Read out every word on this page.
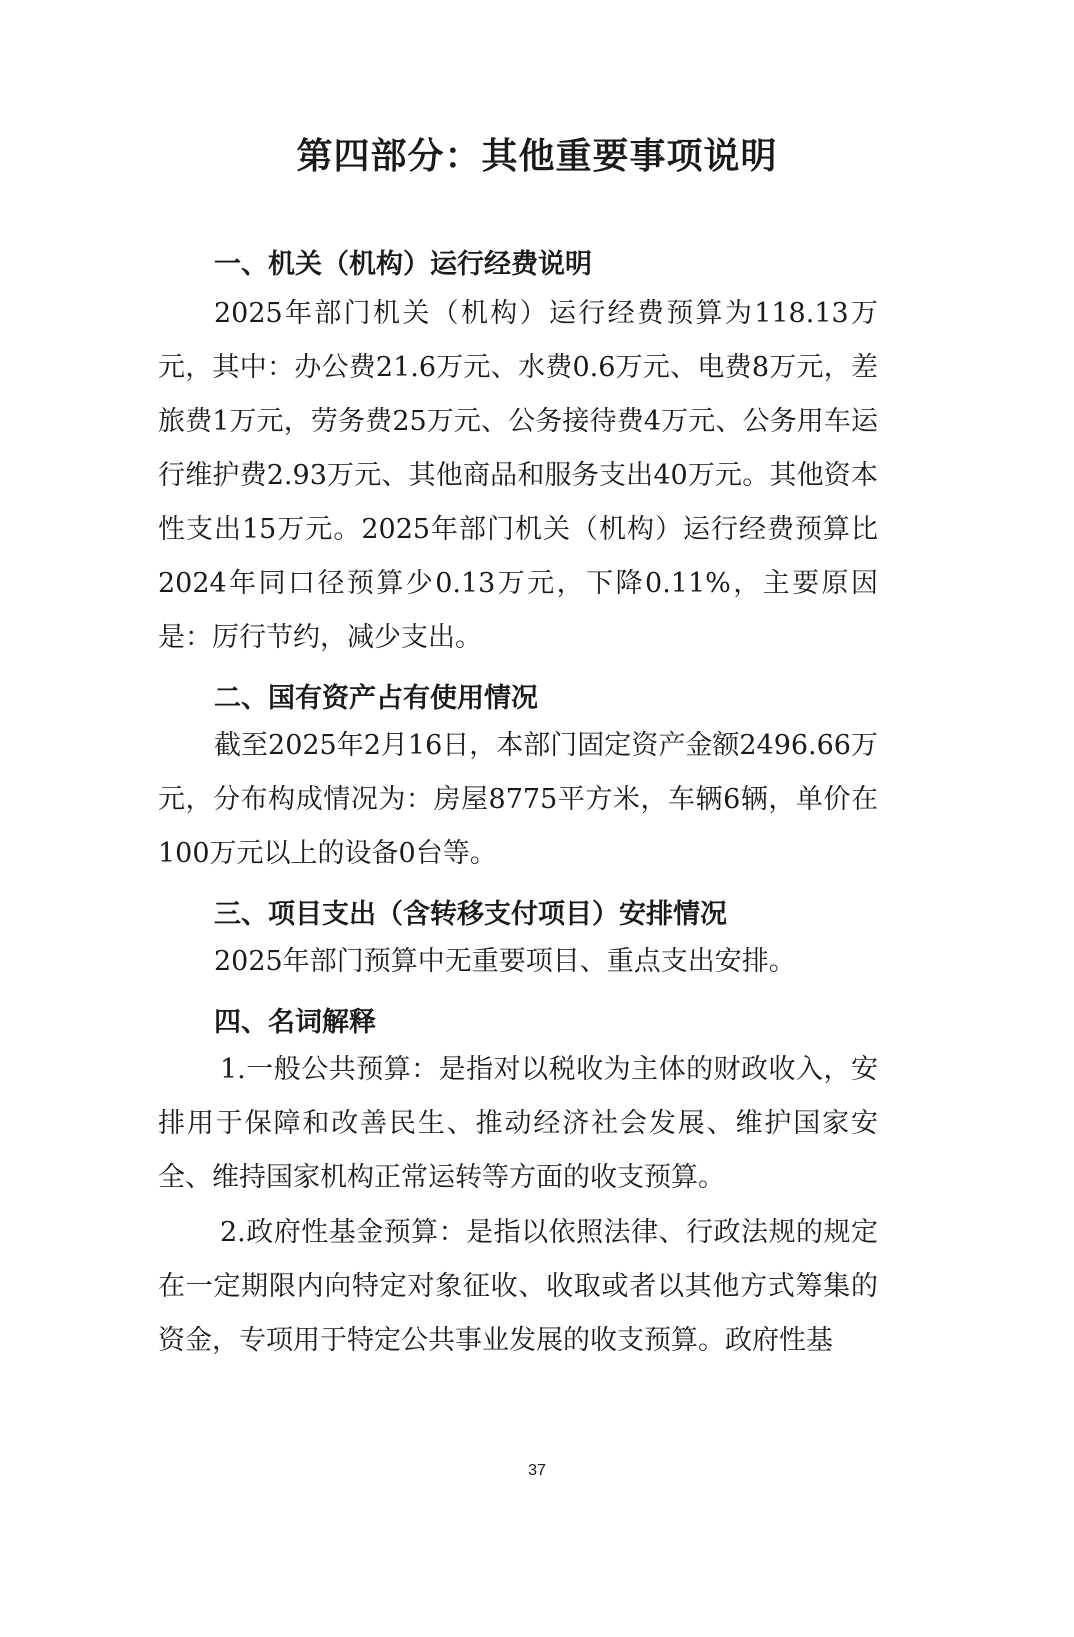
第四部分：其他重要事项说明
一、机关（机构）运行经费说明

2025年部门机关（机构）运行经费预算为118.13万元，其中：办公费21.6万元、水费0.6万元、电费8万元，差旅费1万元，劳务费25万元、公务接待费4万元、公务用车运行维护费2.93万元、其他商品和服务支出40万元。其他资本性支出15万元。2025年部门机关（机构）运行经费预算比2024年同口径预算少0.13万元，下降0.11%，主要原因是：厉行节约，减少支出。

二、国有资产占有使用情况

截至2025年2月16日，本部门固定资产金额2496.66万元，分布构成情况为：房屋8775平方米，车辆6辆，单价在100万元以上的设备0台等。

三、项目支出（含转移支付项目）安排情况

2025年部门预算中无重要项目、重点支出安排。

四、名词解释

1.一般公共预算：是指对以税收为主体的财政收入，安排用于保障和改善民生、推动经济社会发展、维护国家安全、维持国家机构正常运转等方面的收支预算。

2.政府性基金预算：是指以依照法律、行政法规的规定在一定期限内向特定对象征收、收取或者以其他方式筹集的资金，专项用于特定公共事业发展的收支预算。政府性基

37
